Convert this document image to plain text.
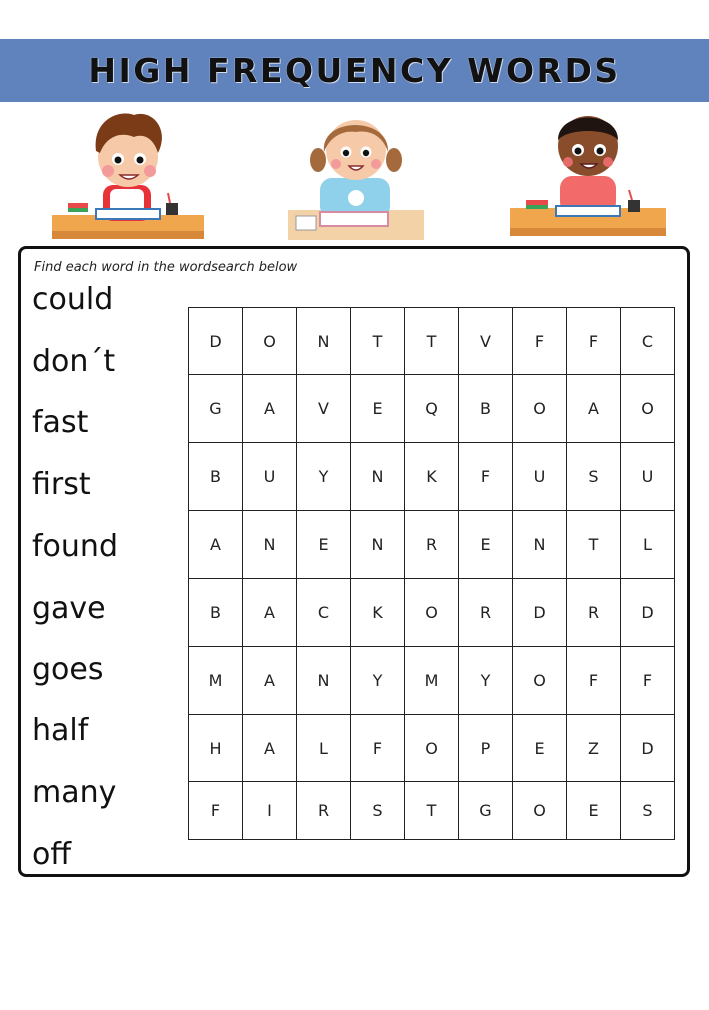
HIGH FREQUENCY WORDS
Find each word in the wordsearch below
could
don´t
fast
first
found
gave
goes
half
many
off
D	O	N	T	T	V	F	F	C
G	A	V	E	Q	B	O	A	O
B	U	Y	N	K	F	U	S	U
A	N	E	N	R	E	N	T	L
B	A	C	K	O	R	D	R	D
M	A	N	Y	M	Y	O	F	F
H	A	L	F	O	P	E	Z	D
F	I	R	S	T	G	O	E	S
